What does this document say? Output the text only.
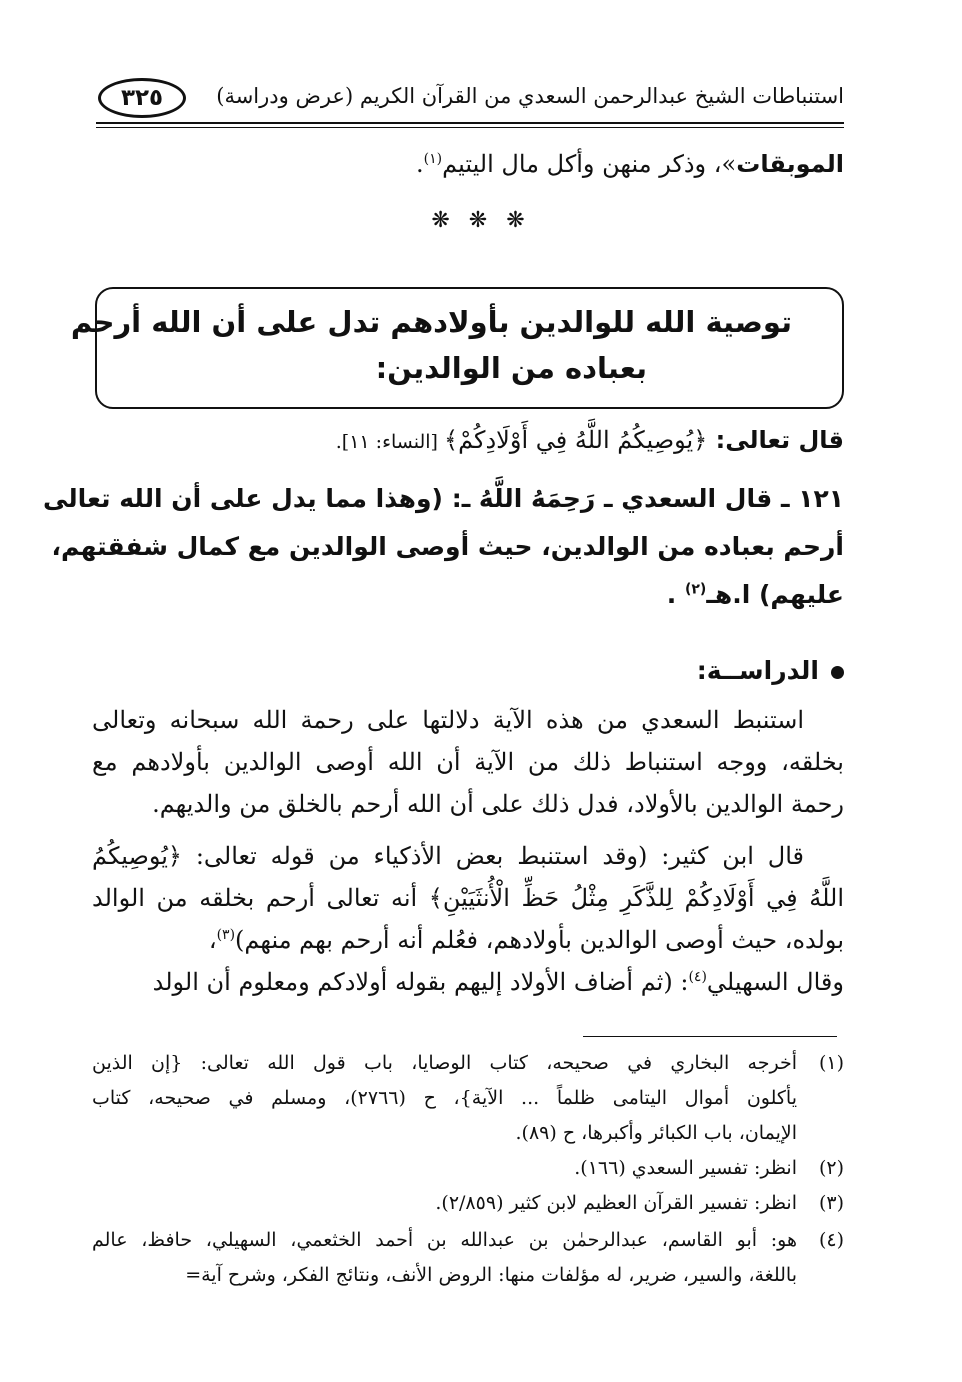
استنباطات الشيخ عبدالرحمن السعدي من القرآن الكريم (عرض ودراسة)
٣٢٥
الموبقات»، وذكر منهن وأكل مال اليتيم$^{(١)}$.
❋ ❋ ❋
توصية الله للوالدين بأولادهم تدل على أن الله أرحم
بعباده من الوالدين:
قال تعالى: ﴿يُوصِيكُمُ اللَّهُ فِي أَوْلَادِكُمْ﴾ [النساء: ١١].
١٢١ ـ قال السعدي ـ رَحِمَهُ اللَّهُ ـ: (وهذا مما يدل على أن الله تعالى
أرحم بعباده من الوالدين، حيث أوصى الوالدين مع كمال شفقتهم،
عليهم) ا.هـ$^{(٢)}$ .
الدراســة:
استنبط السعدي من هذه الآية دلالتها على رحمة الله سبحانه وتعالى
بخلقه، ووجه استنباط ذلك من الآية أن الله أوصى الوالدين بأولادهم مع
رحمة الوالدين بالأولاد، فدل ذلك على أن الله أرحم بالخلق من والديهم.
قال ابن كثير: (وقد استنبط بعض الأذكياء من قوله تعالى: ﴿يُوصِيكُمُ
اللَّهُ فِي أَوْلَادِكُمْ لِلذَّكَرِ مِثْلُ حَظِّ الْأُنثَيَيْنِ﴾ أنه تعالى أرحم بخلقه من الوالد
بولده، حيث أوصى الوالدين بأولادهم، فعُلم أنه أرحم بهم منهم)$^{(٣)}$،
وقال السهيلي$^{(٤)}$: (ثم أضاف الأولاد إليهم بقوله أولادكم ومعلوم أن الولد
(١)
أخرجه البخاري في صحيحه، كتاب الوصايا، باب قول الله تعالى: {إن الذين
يأكلون أموال اليتامى ظلماً ... الآية}، ح (٢٧٦٦)، ومسلم في صحيحه، كتاب
الإيمان، باب الكبائر وأكبرها، ح (٨٩).
(٢)
انظر: تفسير السعدي (١٦٦).
(٣)
انظر: تفسير القرآن العظيم لابن كثير (٢/٨٥٩).
(٤)
هو: أبو القاسم، عبدالرحمٰن بن عبدالله بن أحمد الخثعمي، السهيلي، حافظ، عالم
باللغة، والسير، ضرير، له مؤلفات منها: الروض الأنف، ونتائج الفكر، وشرح آية=
